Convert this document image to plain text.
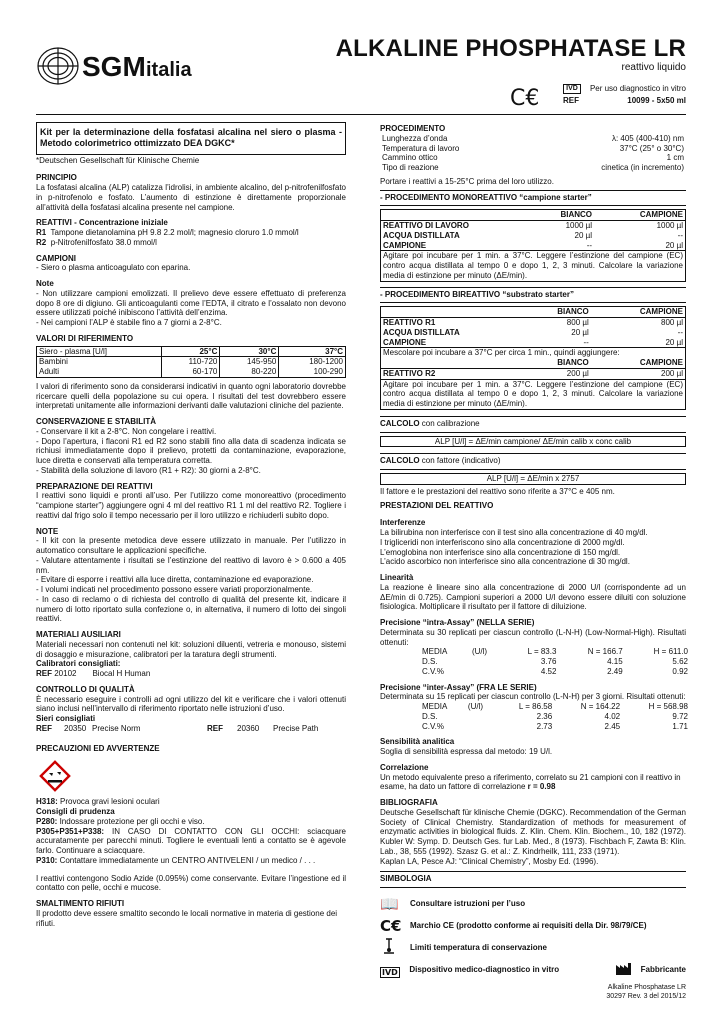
SGM italia
ALKALINE PHOSPHATASE LR
reattivo liquido
C€	IVD	Per uso diagnostico in vitro
REF	10099 - 5x50 ml
Kit per la determinazione della fosfatasi alcalina nel siero o plasma - Metodo colorimetrico ottimizzato DEA DGKC*

*Deutschen Gesellschaft für Klinische Chemie

PRINCIPIO

La fosfatasi alcalina (ALP) catalizza l’idrolisi, in ambiente alcalino, del p-nitrofenilfosfato in p-nitrofenolo e fosfato. L’aumento di estinzione è direttamente proporzionale all’attività della fosfatasi alcalina presente nel campione.

REATTIVI - Concentrazione iniziale

R1 Tampone dietanolamina pH 9.8 2.2 mol/l; magnesio cloruro 1.0 mmol/l

R2 p-Nitrofenilfosfato 38.0 mmol/l

CAMPIONI

- Siero o plasma anticoagulato con eparina.

Note

- Non utilizzare campioni emolizzati. Il prelievo deve essere effettuato di preferenza dopo 8 ore di digiuno. Gli anticoagulanti come l’EDTA, il citrato e l’ossalato non devono essere utilizzati poiché inibiscono l’attività dell’enzima.

- Nei campioni l’ALP è stabile fino a 7 giorni a 2-8°C.

VALORI DI RIFERIMENTO
Siero - plasma [U/l]	25°C	30°C	37°C
Bambini	110-720	145-950	180-1200
Adulti	60-170	80-220	100-290

I valori di riferimento sono da considerarsi indicativi in quanto ogni laboratorio dovrebbe ricercare quelli della popolazione su cui opera. I risultati del test dovrebbero essere interpretati unitamente alle informazioni derivanti dalle valutazioni cliniche del paziente.

CONSERVAZIONE E STABILITÀ

- Conservare il kit a 2-8°C. Non congelare i reattivi.

- Dopo l’apertura, i flaconi R1 ed R2 sono stabili fino alla data di scadenza indicata se richiusi immediatamente dopo il prelievo, protetti da contaminazione, evaporazione, luce diretta e conservati alla temperatura corretta.

- Stabilità della soluzione di lavoro (R1 + R2): 30 giorni a 2-8°C.

PREPARAZIONE DEI REATTIVI

I reattivi sono liquidi e pronti all’uso. Per l’utilizzo come monoreattivo (procedimento “campione starter”) aggiungere ogni 4 ml del reattivo R1 1 ml del reattivo R2. Togliere i reattivi dal frigo solo il tempo necessario per il loro utilizzo e richiuderli subito dopo.

NOTE

- Il kit con la presente metodica deve essere utilizzato in manuale. Per l’utilizzo in automatico consultare le applicazioni specifiche.

- Valutare attentamente i risultati se l’estinzione del reattivo di lavoro è > 0.600 a 405 nm.

- Evitare di esporre i reattivi alla luce diretta, contaminazione ed evaporazione.

- I volumi indicati nel procedimento possono essere variati proporzionalmente.

- In caso di reclamo o di richiesta del controllo di qualità del presente kit, indicare il numero di lotto riportato sulla confezione o, in alternativa, il numero di lotto dei singoli reattivi.

MATERIALI AUSILIARI

Materiali necessari non contenuti nel kit: soluzioni diluenti, vetreria e monouso, sistemi di dosaggio e misurazione, calibratori per la taratura degli strumenti.

Calibratori consigliati:

REF 20102 Biocal H Human

CONTROLLO DI QUALITÀ

È necessario eseguire i controlli ad ogni utilizzo del kit e verificare che i valori ottenuti siano inclusi nell’intervallo di riferimento riportato nelle istruzioni d’uso.

Sieri consigliati

REF	20350 Precise Norm	REF	20360	Precise Path

PRECAUZIONI ED AVVERTENZE

H318: Provoca gravi lesioni oculari

Consigli di prudenza

P280: Indossare protezione per gli occhi e viso.

P305+P351+P338: IN CASO DI CONTATTO CON GLI OCCHI: sciacquare accuratamente per parecchi minuti. Togliere le eventuali lenti a contatto se è agevole farlo. Continuare a sciacquare.

P310: Contattare immediatamente un CENTRO ANTIVELENI / un medico / . . .

I reattivi contengono Sodio Azide (0.095%) come conservante. Evitare l’ingestione ed il contatto con pelle, occhi e mucose.

SMALTIMENTO RIFIUTI

Il prodotto deve essere smaltito secondo le locali normative in materia di gestione dei rifiuti.

PROCEDIMENTO
Lunghezza d’onda	λ: 405 (400-410) nm
Temperatura di lavoro	37°C (25° o 30°C)
Cammino ottico	1 cm
Tipo di reazione	cinetica (in incremento)

Portare i reattivi a 15-25°C prima del loro utilizzo.

- PROCEDIMENTO MONOREATTIVO “campione starter”
	BIANCO	CAMPIONE
REATTIVO DI LAVORO	1000 µl	1000 µl
ACQUA DISTILLATA	20 µl	--
CAMPIONE	--	20 µl
Agitare poi incubare per 1 min. a 37°C. Leggere l’estinzione del campione (EC) contro acqua distillata al tempo 0 e dopo 1, 2, 3 minuti. Calcolare la variazione media di estinzione per minuto (ΔE/min).		
- PROCEDIMENTO BIREATTIVO “substrato starter”
	BIANCO	CAMPIONE
REATTIVO R1	800 µl	800 µl
ACQUA DISTILLATA	20 µl	--
CAMPIONE	--	20 µl
Mescolare poi incubare a 37°C per circa 1 min., quindi aggiungere:		
	BIANCO	CAMPIONE
REATTIVO R2	200 µl	200 µl
Agitare poi incubare per 1 min. a 37°C. Leggere l’estinzione del campione (EC) contro acqua distillata al tempo 0 e dopo 1, 2, 3 minuti. Calcolare la variazione media di estinzione per minuto (ΔE/min).		

CALCOLO con calibrazione

ALP [U/l] = ΔE/min campione/ ΔE/min calib x conc calib

CALCOLO con fattore (indicativo)

ALP [U/l] = ΔE/min x 2757

Il fattore e le prestazioni del reattivo sono riferite a 37°C e 405 nm.

PRESTAZIONI DEL REATTIVO
Interferenze

La bilirubina non interferisce con il test sino alla concentrazione di 40 mg/dl.

I trigliceridi non interferiscono sino alla concentrazione di 2000 mg/dl.

L’emoglobina non interferisce sino alla concentrazione di 150 mg/dl.

L’acido ascorbico non interferisce sino alla concentrazione di 30 mg/dl.

Linearità

La reazione è lineare sino alla concentrazione di 2000 U/l (corrispondente ad un ΔE/min di 0.725). Campioni superiori a 2000 U/l devono essere diluiti con soluzione fisiologica. Moltiplicare il risultato per il fattore di diluizione.

Precisione “intra-Assay” (NELLA SERIE)

Determinata su 30 replicati per ciascun controllo (L-N-H) (Low-Normal-High). Risultati ottenuti:

MEDIA	(U/l)	L = 83.3	N = 166.7	H = 611.0
D.S.		3.76	4.15	5.62
C.V.%		4.52	2.49	0.92
Precisione “inter-Assay” (FRA LE SERIE)

Determinata su 15 replicati per ciascun controllo (L-N-H) per 3 giorni. Risultati ottenuti:

MEDIA	(U/l)	L = 86.58	N = 164.22	H = 568.98
D.S.		2.36	4.02	9.72
C.V.%		2.73	2.45	1.71
Sensibilità analitica

Soglia di sensibilità espressa dal metodo: 19 U/l.

Correlazione

Un metodo equivalente preso a riferimento, correlato su 21 campioni con il reattivo in esame, ha dato un fattore di correlazione r = 0.98

BIBLIOGRAFIA

Deutsche Gesellschaft für klinische Chemie (DGKC). Recommendation of the German Society of Clinical Chemistry. Standardization of methods for measurement of enzymatic activities in biological fluids. Z. Klin. Chem. Klin. Biochem., 10, 182 (1972). Kubler W: Symp. D. Deutsch Ges. fur Lab. Med., 8 (1973). Fischbach F, Zawta B: Klin. Lab., 38, 555 (1992). Szasz G. et al.: Z. Kindrheilk, 111, 233 (1971).

Kaplan LA, Pesce AJ: “Clinical Chemistry”, Mosby Ed. (1996).

SIMBOLOGIA
📖	Consultare istruzioni per l’uso
C€	Marchio CE (prodotto conforme ai requisiti della Dir. 98/79/CE)
Limiti temperatura di conservazione
IVD	Dispositivo medico-diagnostico in vitro	Fabbricante
Alkaline Phosphatase LR
30297 Rev. 3 del 2015/12
